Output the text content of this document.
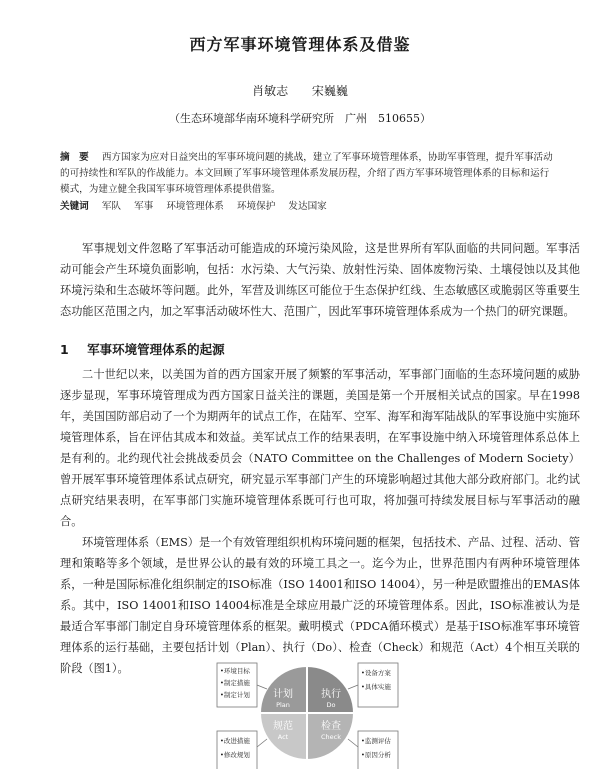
西方军事环境管理体系及借鉴
肖敏志 宋巍巍
（生态环境部华南环境科学研究所　广州　510655）
摘　要 西方国家为应对日益突出的军事环境问题的挑战，建立了军事环境管理体系，协助军事管理，提升军事活动的可持续性和军队的作战能力。本文回顾了军事环境管理体系发展历程，介绍了西方军事环境管理体系的目标和运行模式，为建立健全我国军事环境管理体系提供借鉴。
关键词 军队 军事 环境管理体系 环境保护 发达国家

军事规划文件忽略了军事活动可能造成的环境污染风险，这是世界所有军队面临的共同问题。军事活动可能会产生环境负面影响，包括：水污染、大气污染、放射性污染、固体废物污染、土壤侵蚀以及其他环境污染和生态破坏等问题。此外，军营及训练区可能位于生态保护红线、生态敏感区或脆弱区等重要生态功能区范围之内，加之军事活动破坏性大、范围广，因此军事环境管理体系成为一个热门的研究课题。

1 军事环境管理体系的起源

二十世纪以来，以美国为首的西方国家开展了频繁的军事活动，军事部门面临的生态环境问题的威胁逐步显现，军事环境管理成为西方国家日益关注的课题，美国是第一个开展相关试点的国家。早在1998年，美国国防部启动了一个为期两年的试点工作，在陆军、空军、海军和海军陆战队的军事设施中实施环境管理体系，旨在评估其成本和效益。美军试点工作的结果表明，在军事设施中纳入环境管理体系总体上是有利的。北约现代社会挑战委员会（NATO Committee on the Challenges of Modern Society）曾开展军事环境管理体系试点研究，研究显示军事部门产生的环境影响超过其他大部分政府部门。北约试点研究结果表明，在军事部门实施环境管理体系既可行也可取，将加强可持续发展目标与军事活动的融合。

环境管理体系（EMS）是一个有效管理组织机构环境问题的框架，包括技术、产品、过程、活动、管理和策略等多个领域，是世界公认的最有效的环境工具之一。迄今为止，世界范围内有两种环境管理体系，一种是国际标准化组织制定的ISO标准（ISO 14001和ISO 14004），另一种是欧盟推出的EMAS体系。其中，ISO 14001和ISO 14004标准是全球应用最广泛的环境管理体系。因此，ISO标准被认为是最适合军事部门制定自身环境管理体系的框架。戴明模式（PDCA循环模式）是基于ISO标准军事环境管理体系的运行基础，主要包括计划（Plan）、执行（Do）、检查（Check）和规范（Act）4个相互关联的阶段（图1）。

计划
Plan
执行
Do
规范
Act
检查
Check
•环境目标
•制定措施
•制定计划
•设备方案
•具体实施
•改进措施
•修改规划
•监测评估
•原因分析
